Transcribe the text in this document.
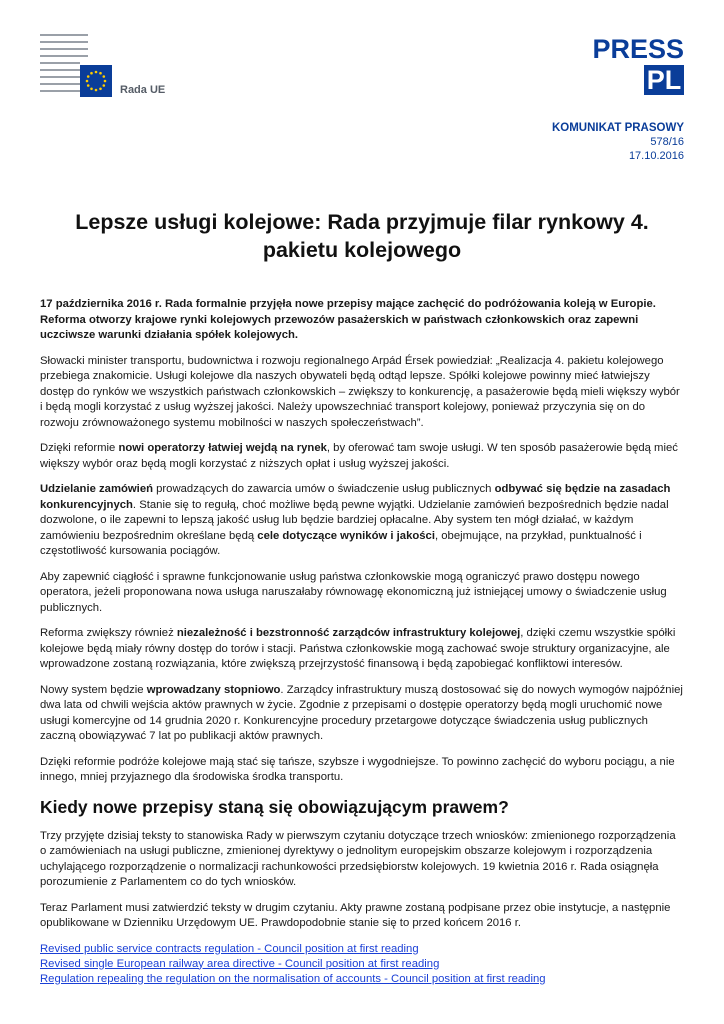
Rada UE
PRESS
PL
KOMUNIKAT PRASOWY
578/16
17.10.2016
Lepsze usługi kolejowe: Rada przyjmuje filar rynkowy 4. pakietu kolejowego

17 października 2016 r. Rada formalnie przyjęła nowe przepisy mające zachęcić do podróżowania koleją w Europie. Reforma otworzy krajowe rynki kolejowych przewozów pasażerskich w państwach członkowskich oraz zapewni uczciwsze warunki działania spółek kolejowych.

Słowacki minister transportu, budownictwa i rozwoju regionalnego Arpád Érsek powiedział: „Realizacja 4. pakietu kolejowego przebiega znakomicie. Usługi kolejowe dla naszych obywateli będą odtąd lepsze. Spółki kolejowe powinny mieć łatwiejszy dostęp do rynków we wszystkich państwach członkowskich – zwiększy to konkurencję, a pasażerowie będą mieli większy wybór i będą mogli korzystać z usług wyższej jakości. Należy upowszechniać transport kolejowy, ponieważ przyczynia się on do rozwoju zrównoważonego systemu mobilności w naszych społeczeństwach”.

Dzięki reformie nowi operatorzy łatwiej wejdą na rynek, by oferować tam swoje usługi. W ten sposób pasażerowie będą mieć większy wybór oraz będą mogli korzystać z niższych opłat i usług wyższej jakości.

Udzielanie zamówień prowadzących do zawarcia umów o świadczenie usług publicznych odbywać się będzie na zasadach konkurencyjnych. Stanie się to regułą, choć możliwe będą pewne wyjątki. Udzielanie zamówień bezpośrednich będzie nadal dozwolone, o ile zapewni to lepszą jakość usług lub będzie bardziej opłacalne. Aby system ten mógł działać, w każdym zamówieniu bezpośrednim określane będą cele dotyczące wyników i jakości, obejmujące, na przykład, punktualność i częstotliwość kursowania pociągów.

Aby zapewnić ciągłość i sprawne funkcjonowanie usług państwa członkowskie mogą ograniczyć prawo dostępu nowego operatora, jeżeli proponowana nowa usługa naruszałaby równowagę ekonomiczną już istniejącej umowy o świadczenie usług publicznych.

Reforma zwiększy również niezależność i bezstronność zarządców infrastruktury kolejowej, dzięki czemu wszystkie spółki kolejowe będą miały równy dostęp do torów i stacji. Państwa członkowskie mogą zachować swoje struktury organizacyjne, ale wprowadzone zostaną rozwiązania, które zwiększą przejrzystość finansową i będą zapobiegać konfliktowi interesów.

Nowy system będzie wprowadzany stopniowo. Zarządcy infrastruktury muszą dostosować się do nowych wymogów najpóźniej dwa lata od chwili wejścia aktów prawnych w życie. Zgodnie z przepisami o dostępie operatorzy będą mogli uruchomić nowe usługi komercyjne od 14 grudnia 2020 r. Konkurencyjne procedury przetargowe dotyczące świadczenia usług publicznych zaczną obowiązywać 7 lat po publikacji aktów prawnych.

Dzięki reformie podróże kolejowe mają stać się tańsze, szybsze i wygodniejsze. To powinno zachęcić do wyboru pociągu, a nie innego, mniej przyjaznego dla środowiska środka transportu.

Kiedy nowe przepisy staną się obowiązującym prawem?

Trzy przyjęte dzisiaj teksty to stanowiska Rady w pierwszym czytaniu dotyczące trzech wniosków: zmienionego rozporządzenia o zamówieniach na usługi publiczne, zmienionej dyrektywy o jednolitym europejskim obszarze kolejowym i rozporządzenia uchylającego rozporządzenie o normalizacji rachunkowości przedsiębiorstw kolejowych. 19 kwietnia 2016 r. Rada osiągnęła porozumienie z Parlamentem co do tych wniosków.

Teraz Parlament musi zatwierdzić teksty w drugim czytaniu. Akty prawne zostaną podpisane przez obie instytucje, a następnie opublikowane w Dzienniku Urzędowym UE. Prawdopodobnie stanie się to przed końcem 2016 r.

Revised public service contracts regulation - Council position at first reading
Revised single European railway area directive - Council position at first reading
Regulation repealing the regulation on the normalisation of accounts - Council position at first reading
